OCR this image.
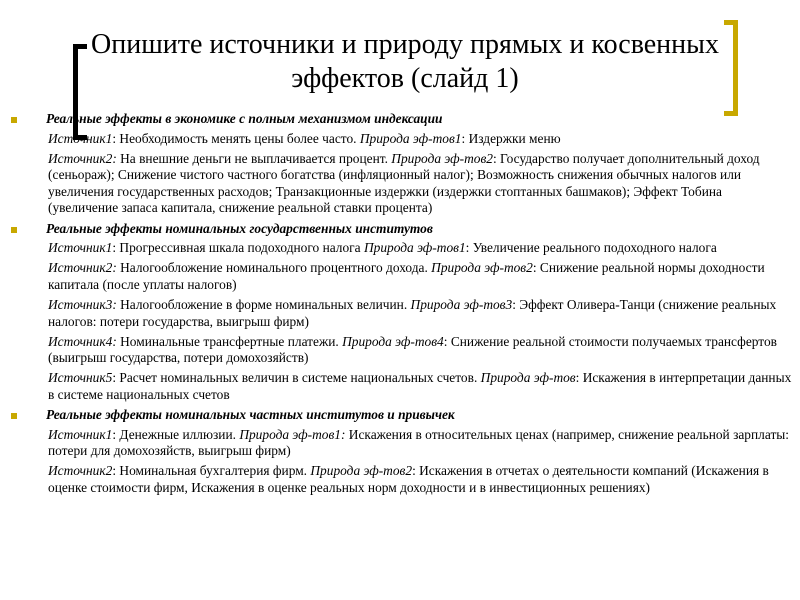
Опишите источники и природу прямых и косвенных эффектов (слайд 1)
Реальные эффекты в экономике с полным механизмом индексации
Источник1: Необходимость менять цены более часто. Природа эф-тов1: Издержки меню
Источник2: На внешние деньги не выплачивается процент. Природа эф-тов2: Государство получает дополнительный доход (сеньораж); Снижение чистого частного богатства (инфляционный налог); Возможность снижения обычных налогов или увеличения государственных расходов; Транзакционные издержки (издержки стоптанных башмаков); Эффект Тобина (увеличение запаса капитала, снижение реальной ставки процента)
Реальные эффекты номинальных государственных институтов
Источник1: Прогрессивная шкала подоходного налога Природа эф-тов1: Увеличение реального подоходного налога
Источник2: Налогообложение номинального процентного дохода. Природа эф-тов2: Снижение реальной нормы доходности капитала (после уплаты налогов)
Источник3: Налогообложение в форме номинальных величин. Природа эф-тов3: Эффект Оливера-Танци (снижение реальных налогов: потери государства, выигрыш фирм)
Источник4: Номинальные трансфертные платежи. Природа эф-тов4: Снижение реальной стоимости получаемых трансфертов (выигрыш государства, потери домохозяйств)
Источник5: Расчет номинальных величин в системе национальных счетов. Природа эф-тов: Искажения в интерпретации данных в системе национальных счетов
Реальные эффекты номинальных частных институтов и привычек
Источник1: Денежные иллюзии. Природа эф-тов1: Искажения в относительных ценах (например, снижение реальной зарплаты: потери для домохозяйств, выигрыш фирм)
Источник2: Номинальная бухгалтерия фирм. Природа эф-тов2: Искажения в отчетах о деятельности компаний (Искажения в оценке стоимости фирм, Искажения в оценке реальных норм доходности и в инвестиционных решениях)
